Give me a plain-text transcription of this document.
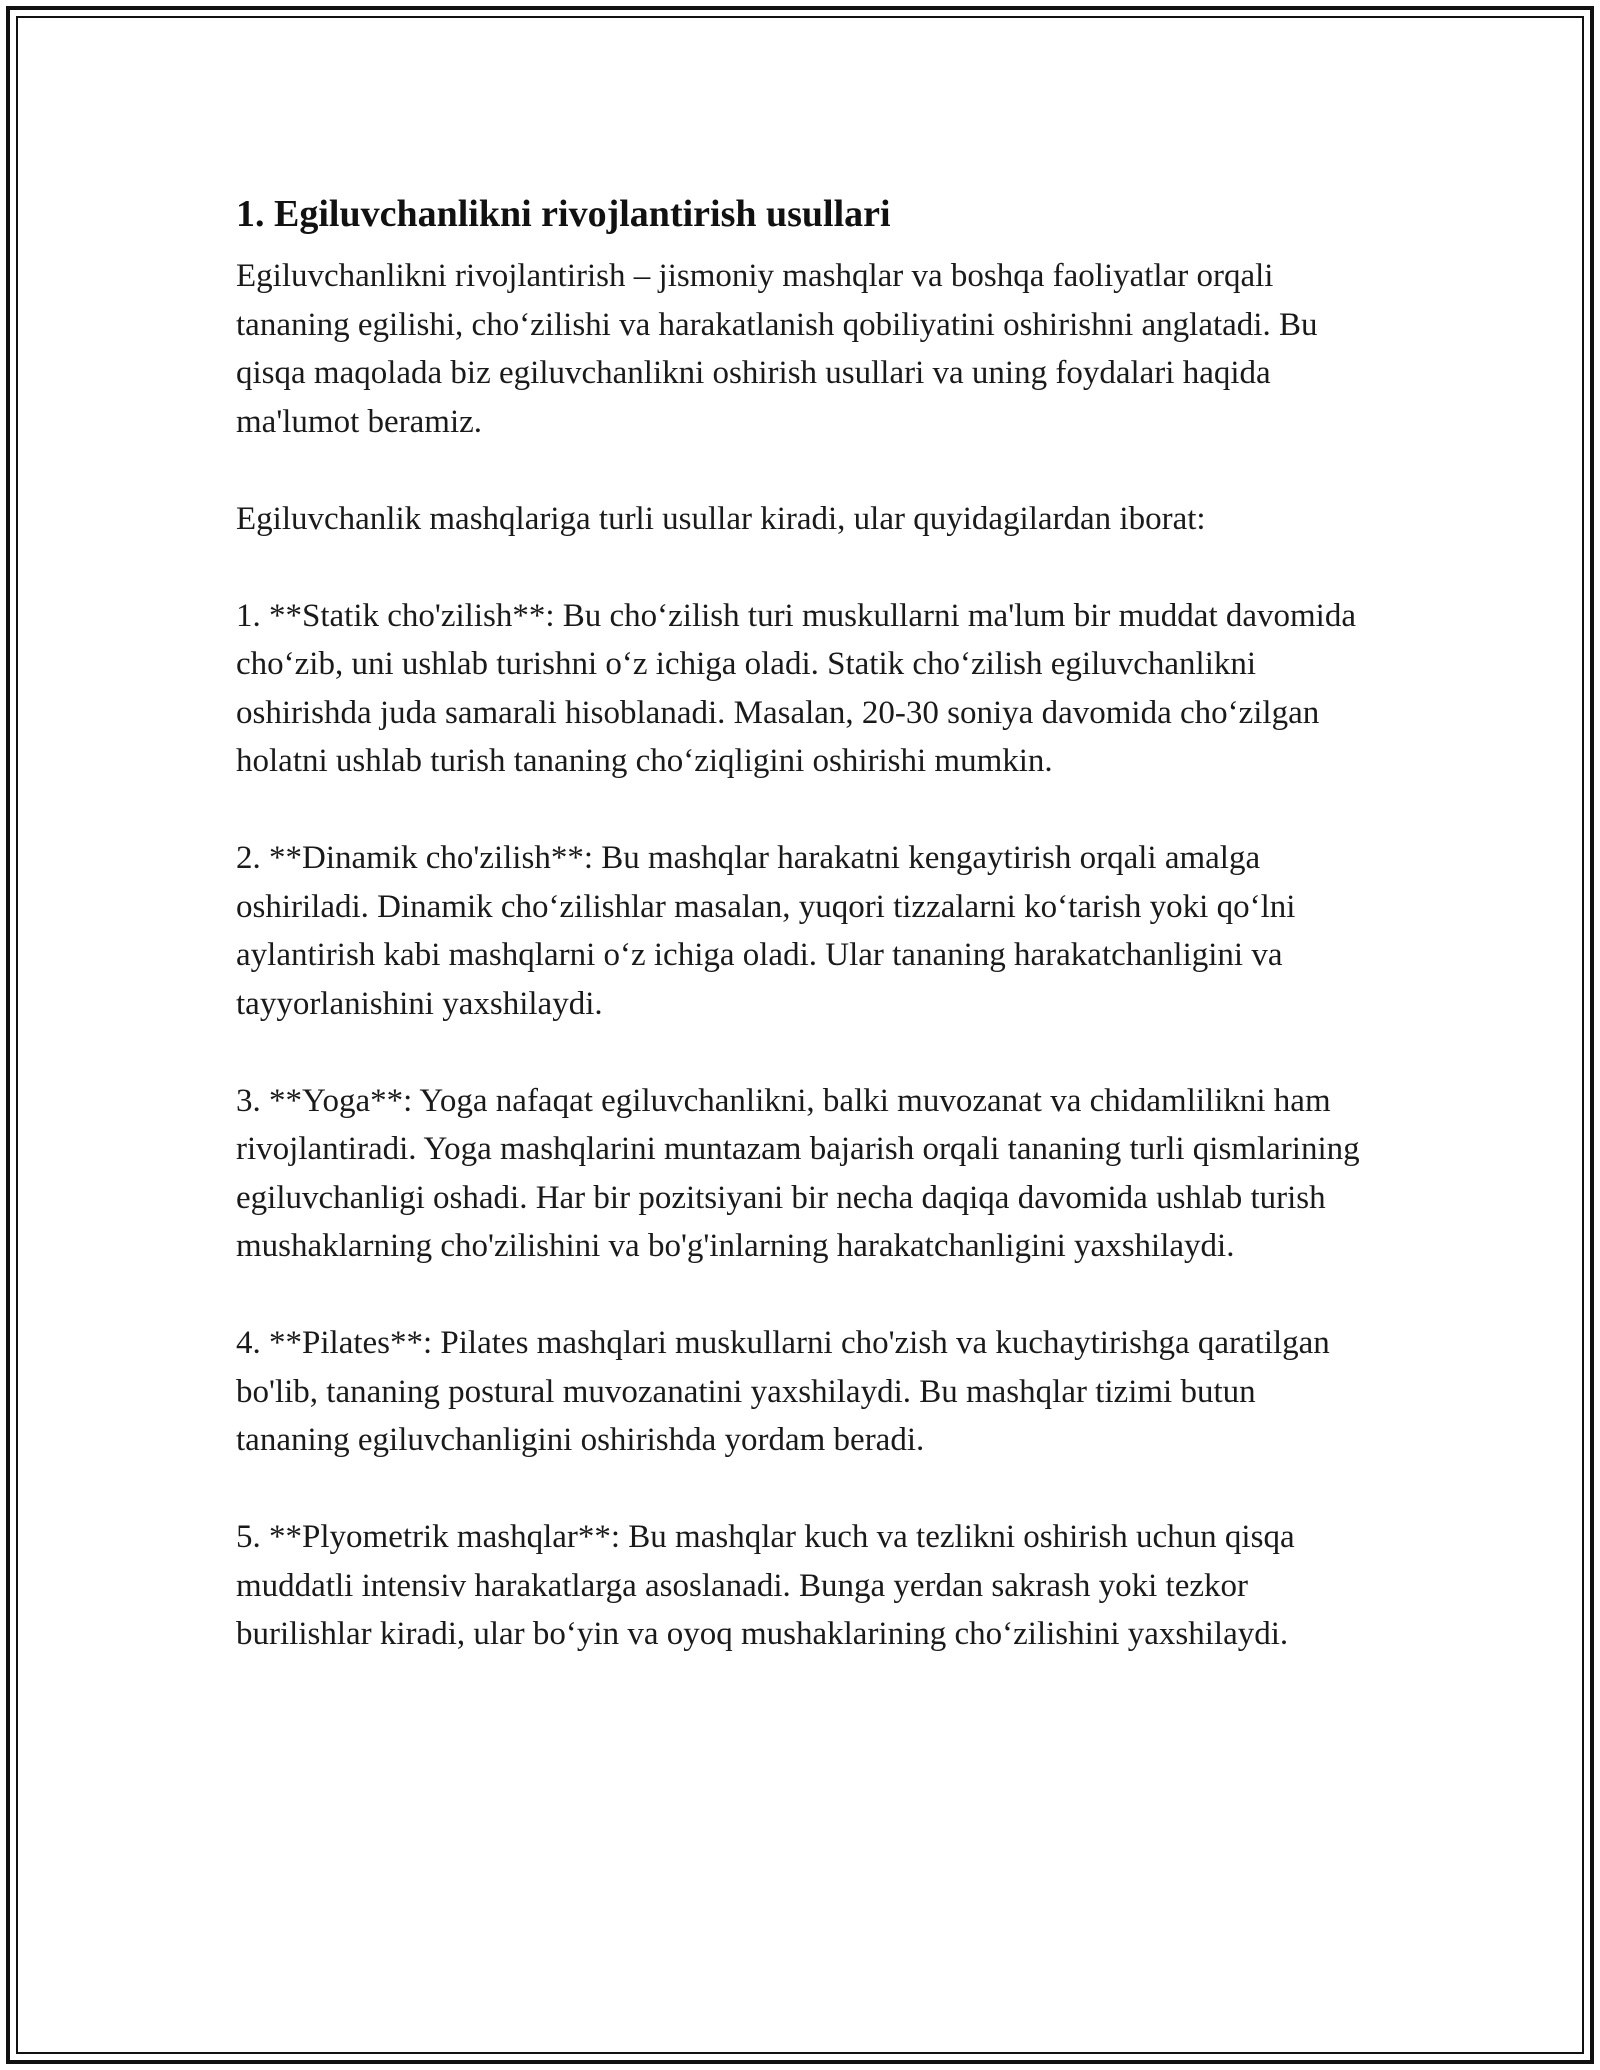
1. Egiluvchanlikni rivojlantirish usullari

Egiluvchanlikni rivojlantirish – jismoniy mashqlar va boshqa faoliyatlar orqali tananing egilishi, cho‘zilishi va harakatlanish qobiliyatini oshirishni anglatadi. Bu qisqa maqolada biz egiluvchanlikni oshirish usullari va uning foydalari haqida ma'lumot beramiz.

Egiluvchanlik mashqlariga turli usullar kiradi, ular quyidagilardan iborat:

1. **Statik cho'zilish**: Bu cho‘zilish turi muskullarni ma'lum bir muddat davomida cho‘zib, uni ushlab turishni o‘z ichiga oladi. Statik cho‘zilish egiluvchanlikni oshirishda juda samarali hisoblanadi. Masalan, 20-30 soniya davomida cho‘zilgan holatni ushlab turish tananing cho‘ziqligini oshirishi mumkin.

2. **Dinamik cho'zilish**: Bu mashqlar harakatni kengaytirish orqali amalga oshiriladi. Dinamik cho‘zilishlar masalan, yuqori tizzalarni ko‘tarish yoki qo‘lni aylantirish kabi mashqlarni o‘z ichiga oladi. Ular tananing harakatchanligini va tayyorlanishini yaxshilaydi.

3. **Yoga**: Yoga nafaqat egiluvchanlikni, balki muvozanat va chidamlilikni ham rivojlantiradi. Yoga mashqlarini muntazam bajarish orqali tananing turli qismlarining egiluvchanligi oshadi. Har bir pozitsiyani bir necha daqiqa davomida ushlab turish mushaklarning cho'zilishini va bo'g'inlarning harakatchanligini yaxshilaydi.

4. **Pilates**: Pilates mashqlari muskullarni cho'zish va kuchaytirishga qaratilgan bo'lib, tananing postural muvozanatini yaxshilaydi. Bu mashqlar tizimi butun tananing egiluvchanligini oshirishda yordam beradi.

5. **Plyometrik mashqlar**: Bu mashqlar kuch va tezlikni oshirish uchun qisqa muddatli intensiv harakatlarga asoslanadi. Bunga yerdan sakrash yoki tezkor burilishlar kiradi, ular bo‘yin va oyoq mushaklarining cho‘zilishini yaxshilaydi.
